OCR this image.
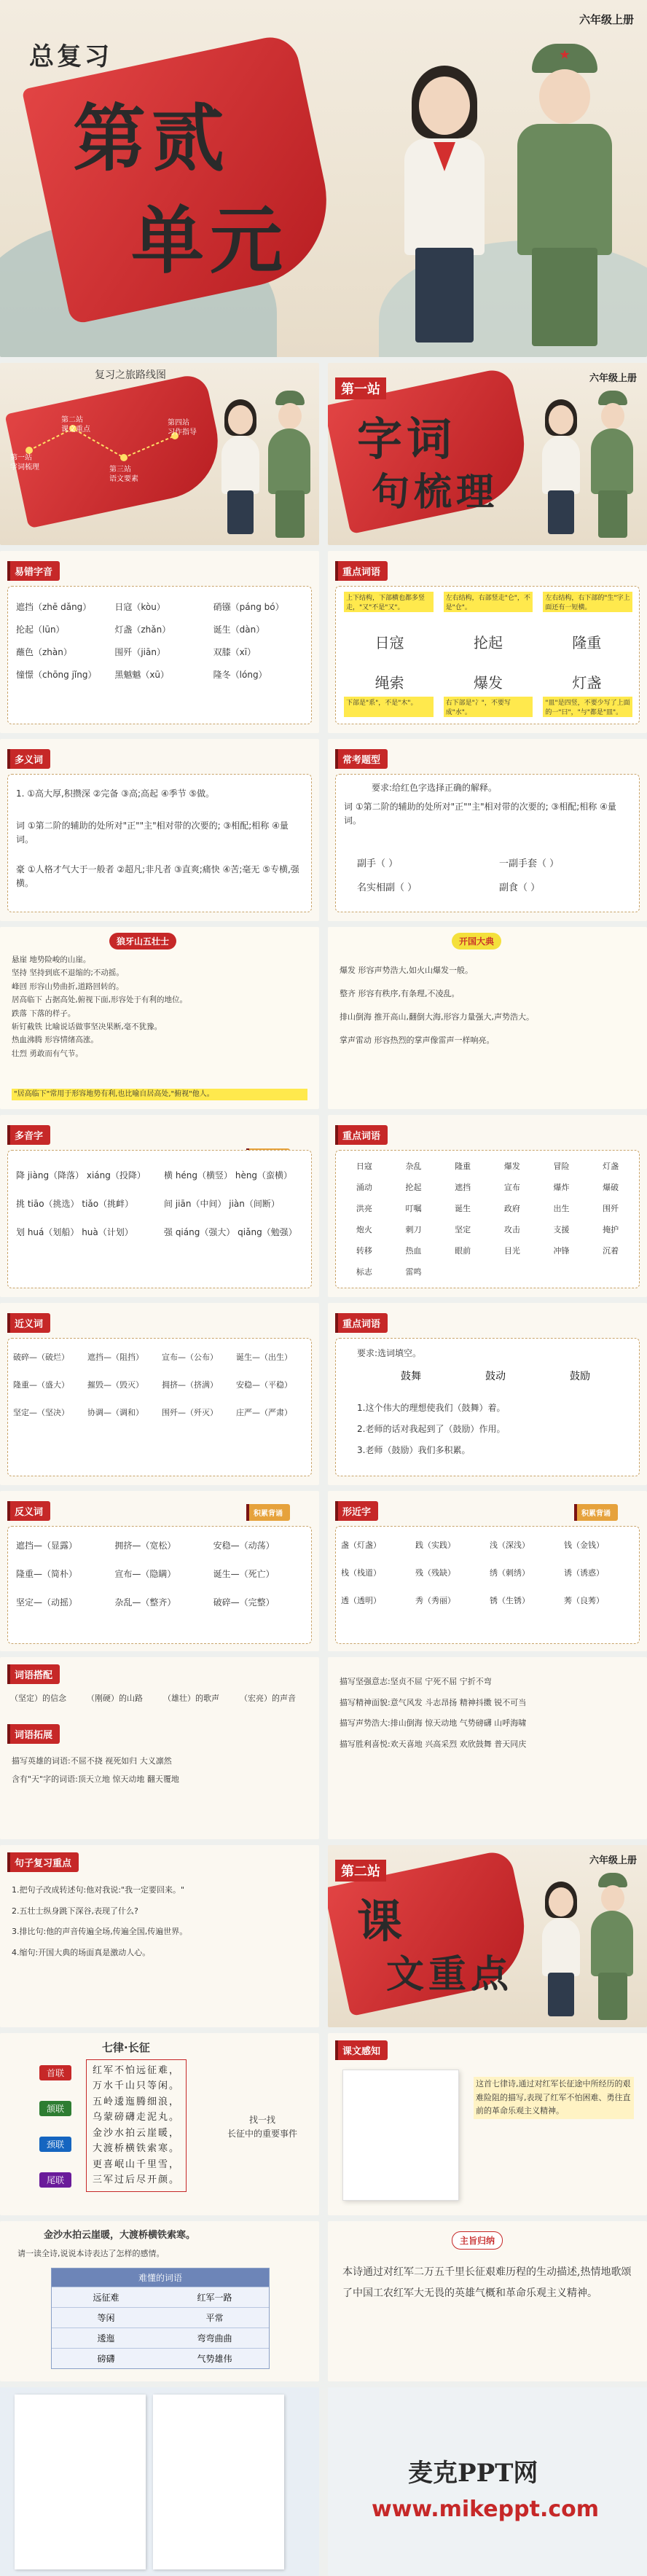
六年级上册
总复习
第贰
单元
复习之旅路线图
第一站
字词梳理
第二站
课文重点
第三站
语文要素
第四站
习作指导
六年级上册
第一站
字词
句梳理
易错字音
遮挡（zhē dǎng）	日寇（kòu）	硝镪（páng bó）
抡起（lūn）	灯盏（zhǎn）	诞生（dàn）
蘸色（zhàn）	围歼（jiān）	双膝（xī）
憧憬（chōng jǐng）	黑魆魆（xū）	隆冬（lóng）
重点词语
上下结构，下部横也都多竖走，"又"不是"又"。
左右结构，右部竖走"仑"，不是"仓"。
左右结构，右下部的"生"字上面还有一短横。
日寇	抡起	隆重
绳索	爆发	灯盏
下部是"系"，不是"木"。	右下部是"冫"，不要写成"水"。
"皿"是四竖，不要少写了上面的一"曰"，"与"都是"皿"。
多义词
1. ①高大厚,积攒深 ②完备 ③高;高起 ④季节 ⑤做。
词 ①第二阶的辅助的处所对"正""主"相对带的次要的; ③相配;相称 ④量词。
豪 ①人格才气大于一般者 ②超凡;非凡者 ③直爽;痛快 ④苦;毫无 ⑤专横,强横。
常考题型
要求:给红色字选择正确的解释。
词 ①第二阶的辅助的处所对"正""主"相对带的次要的; ③相配;相称 ④量词。
副手（ ）	一副手套（ ）
名实相副（ ）	副食（ ）
狼牙山五壮士
悬崖 地势险峻的山崖。
坚持 坚持到底不退缩的;不动摇。
峰回 形容山势曲折,道路回转的。
居高临下 占据高处,俯视下面,形容处于有利的地位。
跌落 下落的样子。
斩钉截铁 比喻说话做事坚决果断,毫不犹豫。
热血沸腾 形容情绪高涨。
壮烈 勇敢而有气节。
"居高临下"常用于形容地势有利,也比喻自居高处,"俯视"他人。
开国大典
爆发 形容声势浩大,如火山爆发一般。
整齐 形容有秩序,有条理,不凌乱。
排山倒海 推开高山,翻倒大海,形容力量强大,声势浩大。
掌声雷动 形容热烈的掌声像雷声一样响亮。
多音字
降 jiàng（降落） xiáng（投降）	横 héng（横竖） hèng（蛮横）
挑 tiāo（挑选） tiǎo（挑衅）	间 jiān（中间） jiàn（间断）
划 huá（划船） huà（计划）	强 qiáng（强大） qiǎng（勉强）
重点词语
日寇	杂乱	隆重	爆发	冒险	灯盏
涌动	抡起	遮挡	宣布	爆炸	爆破
洪亮	叮嘱	诞生	政府	出生	围歼
炮火	刺刀	坚定	攻击	支援	掩护
转移	热血	眼前	目光	冲锋	沉着
标志	雷鸣
近义词
破碎—（破烂）	遮挡—（阻挡）	宣布—（公布）	诞生—（出生）
隆重—（盛大）	摧毁—（毁灭）	拥挤—（挤满）	安稳—（平稳）
坚定—（坚决）	协调—（调和）	围歼—（歼灭）	庄严—（严肃）
重点词语
要求:选词填空。
鼓舞	鼓动	鼓励
1.这个伟大的理想使我们（鼓舞）着。
2.老师的话对我起到了（鼓励）作用。
3.老师（鼓励）我们多积累。
反义词	积累背诵
遮挡—（显露）	拥挤—（宽松）	安稳—（动荡）
隆重—（简朴）	宣布—（隐瞒）	诞生—（死亡）
坚定—（动摇）	杂乱—（整齐）	破碎—（完整）
形近字	积累背诵
盏（灯盏）	践（实践）	浅（深浅）	钱（金钱）
栈（栈道）	残（残缺）	绣（刺绣）	诱（诱惑）
透（透明）	秀（秀丽）	锈（生锈）	莠（良莠）
词语搭配
（坚定）的信念	（刚硬）的山路	（雄壮）的歌声	（宏亮）的声音
词语拓展
描写英雄的词语:不屈不挠 视死如归 大义凛然
含有"天"字的词语:顶天立地 惊天动地 翻天覆地
描写坚强意志:坚贞不屈 宁死不屈 宁折不弯
描写精神面貌:意气风发 斗志昂扬 精神抖擞 锐不可当
描写声势浩大:排山倒海 惊天动地 气势磅礴 山呼海啸
描写胜利喜悦:欢天喜地 兴高采烈 欢欣鼓舞 普天同庆
句子复习重点
1.把句子改成转述句:他对我说:"我一定要回来。"
2.五壮士纵身跳下深谷,表现了什么?
3.排比句:他的声音传遍全场,传遍全国,传遍世界。
4.缩句:开国大典的场面真是激动人心。
六年级上册
第二站
课
文重点
七律·长征
首联
颔联
颈联
尾联
红军不怕远征难，
万水千山只等闲。
五岭逶迤腾细浪，
乌蒙磅礴走泥丸。
金沙水拍云崖暖，
大渡桥横铁索寒。
更喜岷山千里雪，
三军过后尽开颜。
找一找
长征中的重要事件
课文感知
这首七律诗,通过对红军长征途中所经历的艰难险阻的描写,表现了红军不怕困难、勇往直前的革命乐观主义精神。
金沙水拍云崖暖，大渡桥横铁索寒。
请一读全诗,说说本诗表达了怎样的感情。
难懂的词语
远征难	红军一路
等闲	平常
逶迤	弯弯曲曲
磅礴	气势雄伟
主旨归纳
本诗通过对红军二万五千里长征艰难历程的生动描述,热情地歌颂了中国工农红军大无畏的英雄气概和革命乐观主义精神。
麦克PPT网
www.mikeppt.com
